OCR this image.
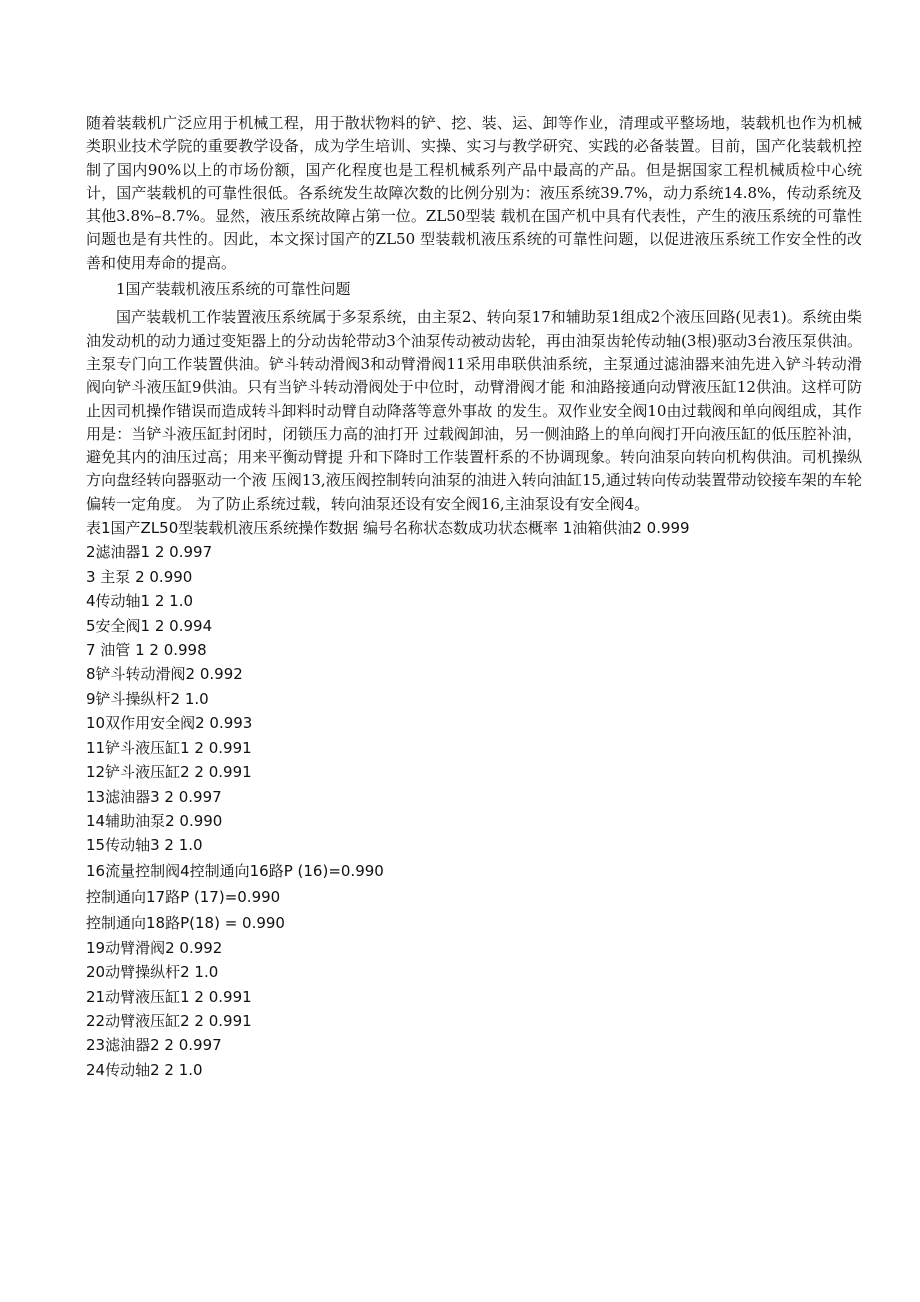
随着装载机广泛应用于机械工程，用于散状物料的铲、挖、装、运、卸等作业，清理或平整场地，装载机也作为机械类职业技术学院的重要教学设备，成为学生培训、实操、实习与教学研究、实践的必备装置。目前，国产化装载机控制了国内90%以上的市场份额，国产化程度也是工程机械系列产品中最高的产品。但是据国家工程机械质检中心统计，国产装载机的可靠性很低。各系统发生故障次数的比例分别为：液压系统39.7%，动力系统14.8%，传动系统及其他3.8%–8.7%。显然，液压系统故障占第一位。ZL50型装 载机在国产机中具有代表性，产生的液压系统的可靠性问题也是有共性的。因此，本文探讨国产的ZL50 型装载机液压系统的可靠性问题，以促进液压系统工作安全性的改善和使用寿命的提高。

1国产装载机液压系统的可靠性问题

国产装载机工作装置液压系统属于多泵系统，由主泵2、转向泵17和辅助泵1组成2个液压回路(见表1)。系统由柴油发动机的动力通过变矩器上的分动齿轮带动3个油泵传动被动齿轮，再由油泵齿轮传动轴(3根)驱动3台液压泵供油。主泵专门向工作装置供油。铲斗转动滑阀3和动臂滑阀11采用串联供油系统，主泵通过滤油器来油先进入铲斗转动滑阀向铲斗液压缸9供油。只有当铲斗转动滑阀处于中位时，动臂滑阀才能 和油路接通向动臂液压缸12供油。这样可防止因司机操作错误而造成转斗卸料时动臂自动降落等意外事故 的发生。双作业安全阀10由过载阀和单向阀组成，其作用是：当铲斗液压缸封闭时，闭锁压力高的油打开 过载阀卸油，另一侧油路上的单向阀打开向液压缸的低压腔补油，避免其内的油压过高；用来平衡动臂提 升和下降时工作装置杆系的不协调现象。转向油泵向转向机构供油。司机操纵方向盘经转向器驱动一个液 压阀13,液压阀控制转向油泵的油进入转向油缸15,通过转向传动装置带动铰接车架的车轮偏转一定角度。 为了防止系统过载，转向油泵还设有安全阀16,主油泵设有安全阀4。

表1国产ZL50型装载机液压系统操作数据 编号名称状态数成功状态概率 1油箱供油2 0.999

2滤油器1 2 0.997
3 主泵 2 0.990
4传动轴1 2 1.0
5安全阀1 2 0.994
7 油管 1 2 0.998
8铲斗转动滑阀2 0.992
9铲斗操纵杆2 1.0
10双作用安全阀2 0.993
11铲斗液压缸1 2 0.991
12铲斗液压缸2 2 0.991
13滤油器3 2 0.997
14辅助油泵2 0.990
15传动轴3 2 1.0
16流量控制阀4控制通向16路P (16)=0.990
控制通向17路P (17)=0.990
控制通向18路P(18) = 0.990
19动臂滑阀2 0.992
20动臂操纵杆2 1.0
21动臂液压缸1 2 0.991
22动臂液压缸2 2 0.991
23滤油器2 2 0.997
24传动轴2 2 1.0
